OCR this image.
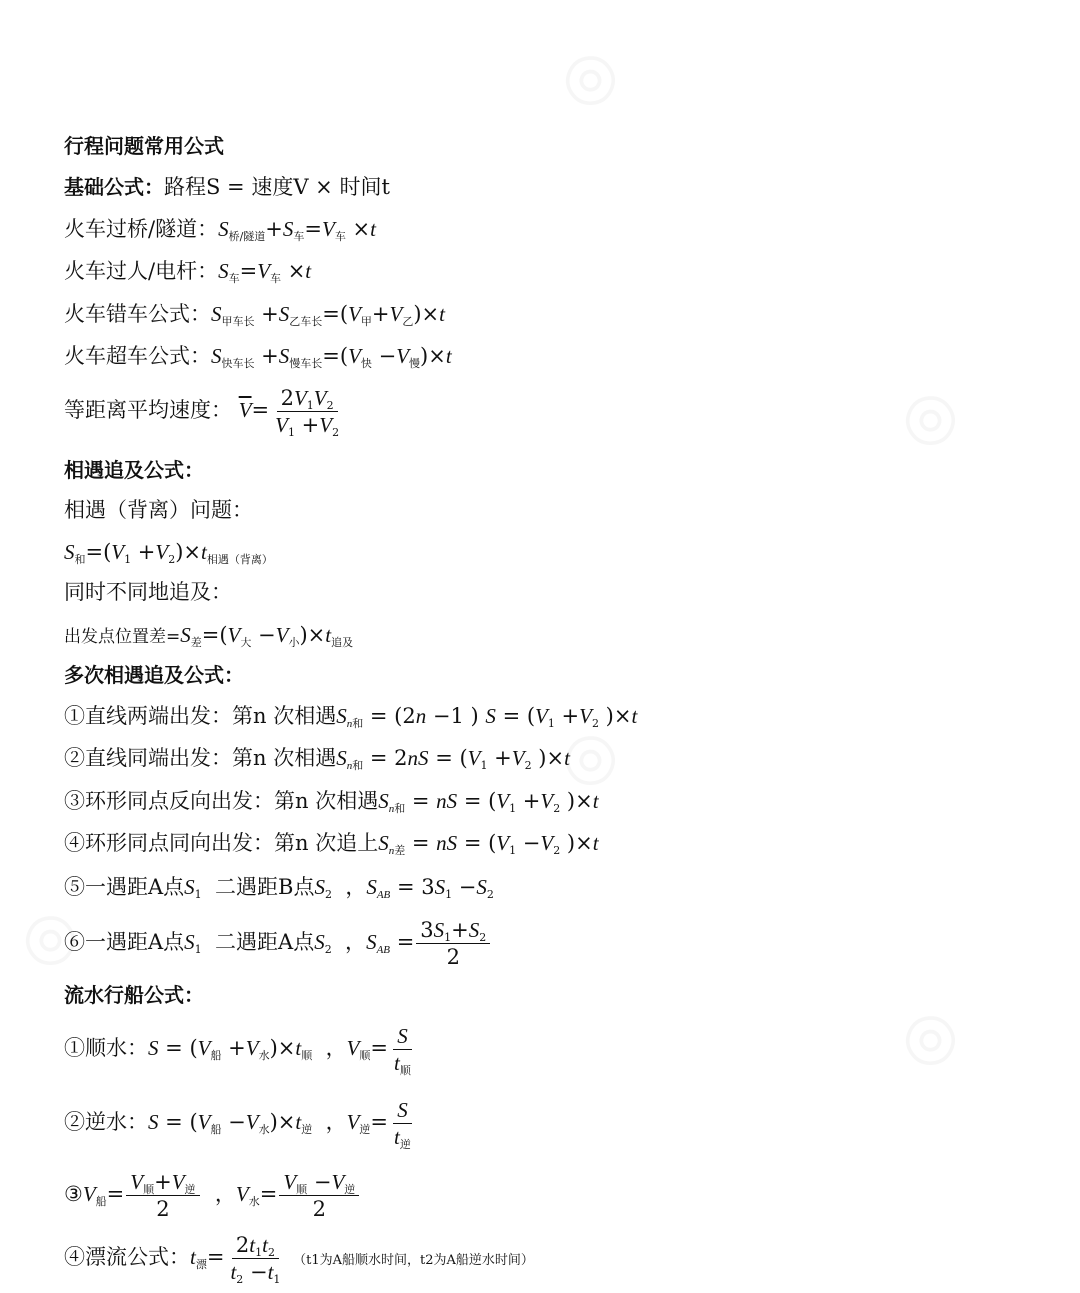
行程问题常用公式
基础公式：路程S = 速度V × 时间t
火车过桥/隧道：$S_{桥/隧道}+S_车=V_车 \times t$
火车过人/电杆：$S_车=V_车 \times t$
火车错车公式：$S_{甲车长} +S_{乙车长}=(V_甲+V_乙)\times t$
火车超车公式：$S_{快车长} +S_{慢车长}=(V_快 -V_慢)\times t$
等距离平均速度： $\overline{V}= \frac{2V_1V_2}{V_1 +V_2}$
相遇追及公式：
相遇（背离）问题：
$S_和=(V_1 +V_2)\times t_{相遇(背离)}$
同时不同地追及：
出发点位置差$=S_差=(V_大 -V_小)\times t_{追及}$
多次相遇追及公式：
①直线两端出发：第n 次相遇$S_{n和} = (2n -1$ ) $S = (V_1 +V_2$ )×t
②直线同端出发：第n 次相遇$S_{n和} = 2nS = (V_1 +V_2$ )×t
③环形同点反向出发：第n 次相遇$S_{n和}$ = nS = ($V_1 +V_2$ )×t
④环形同点同向出发：第n 次追上$S_{n差}$ = nS = ($V_1 -V_2$ )×t
⑤一遇距A点$S_1$ 二遇距B点$S_2$  ，$S_{AB} = 3S_1 -S_2$
⑥一遇距A点$S_1$ 二遇距A点$S_2$  ，$S_{AB} = \frac{3S_1+S_2}{2}$
流水行船公式：
①顺水：$S = (V_船 +V_水)\times t_顺$  ，$V_顺= \frac{S}{t_顺}$
②逆水：$S = (V_船 -V_水)\times t_逆$  ，$V_逆= \frac{S}{t_逆}$
$③V_船= \frac{V_顺+V_逆}{2}$ ，$V_水= \frac{V_顺 -V_逆}{2}$
④漂流公式：$t_漂= \frac{2t_1t_2}{t_2 -t_1} (t1$为A船顺水时间，t2为A船逆水时间）
